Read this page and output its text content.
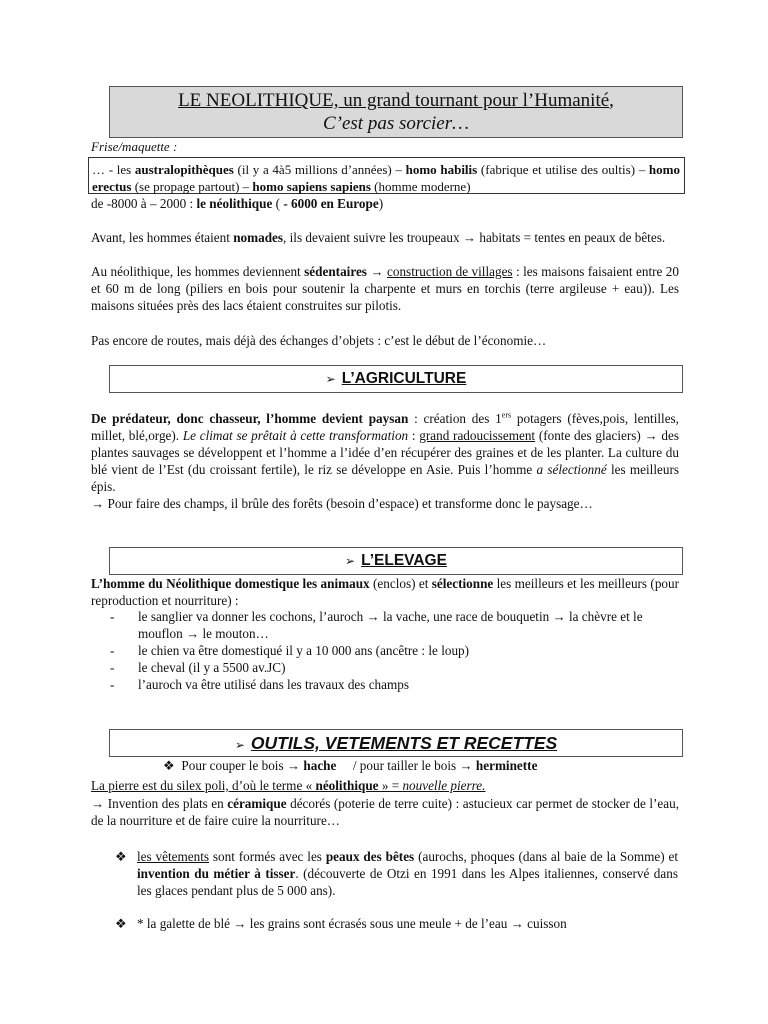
LE NEOLITHIQUE, un grand tournant pour l’Humanité,
C’est pas sorcier…
Frise/maquette :
… - les australopithèques (il y a 4à5 millions d’années) – homo habilis (fabrique et utilise des oultis) – homo erectus (se propage partout) – homo sapiens sapiens (homme moderne)
de -8000 à – 2000 : le néolithique ( - 6000 en Europe)
Avant, les hommes étaient nomades, ils devaient suivre les troupeaux → habitats = tentes en peaux de bêtes.
Au néolithique, les hommes deviennent sédentaires → construction de villages : les maisons faisaient entre 20 et 60 m de long (piliers en bois pour soutenir la charpente et murs en torchis (terre argileuse + eau)). Les maisons situées près des lacs étaient construites sur pilotis.
Pas encore de routes, mais déjà des échanges d’objets : c’est le début de l’économie…
➢ L’AGRICULTURE
De prédateur, donc chasseur, l’homme devient paysan : création des 1ers potagers (fèves,pois, lentilles, millet, blé,orge). Le climat se prêtait à cette transformation : grand radoucissement (fonte des glaciers) → des plantes sauvages se développent et l’homme a l’idée d’en récupérer des graines et de les planter. La culture du blé vient de l’Est (du croissant fertile), le riz se développe en Asie. Puis l’homme a sélectionné les meilleurs épis.
→ Pour faire des champs, il brûle des forêts (besoin d’espace) et transforme donc le paysage…
➢ L’ELEVAGE
L’homme du Néolithique domestique les animaux (enclos) et sélectionne les meilleurs et les meilleurs (pour reproduction et nourriture) :
-	le sanglier va donner les cochons, l’auroch → la vache, une race de bouquetin → la chèvre et le mouflon → le mouton…
-	le chien va être domestiqué il y a 10 000 ans (ancêtre : le loup)
-	le cheval (il y a 5500 av.JC)
-	l’auroch va être utilisé dans les travaux des champs
➢ OUTILS, VETEMENTS ET RECETTES
❖ Pour couper le bois → hache     / pour tailler le bois → herminette
La pierre est du silex poli, d’où le terme « néolithique » = nouvelle pierre.
→ Invention des plats en céramique décorés (poterie de terre cuite) : astucieux car permet de stocker de l’eau, de la nourriture et de faire cuire la nourriture…
❖ les vêtements sont formés avec les peaux des bêtes (aurochs, phoques (dans al baie de la Somme) et invention du métier à tisser. (découverte de Otzi en 1991 dans les Alpes italiennes, conservé dans les glaces pendant plus de 5 000 ans).
❖ * la galette de blé → les grains sont écrasés sous une meule + de l’eau → cuisson
